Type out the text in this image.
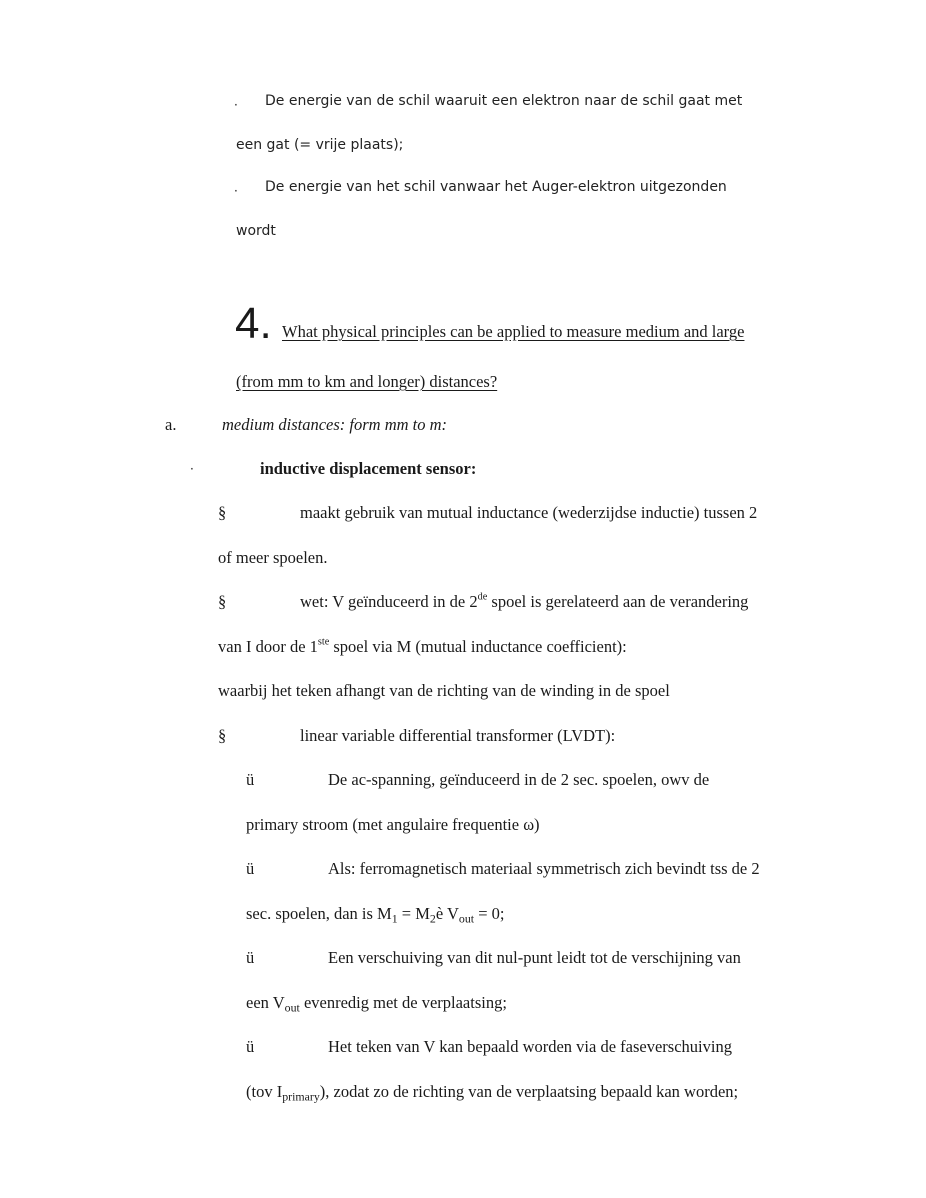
· De energie van de schil waaruit een elektron naar de schil gaat met
een gat (= vrije plaats);
· De energie van het schil vanwaar het Auger-elektron uitgezonden
wordt
4. What physical principles can be applied to measure medium and large
(from mm to km and longer) distances?
a.	medium distances: form mm to m:
·	inductive displacement sensor:
§	maakt gebruik van mutual inductance (wederzijdse inductie) tussen 2
of meer spoelen.
§	wet: V geïnduceerd in de 2de spoel is gerelateerd aan de verandering
van I door de 1ste spoel via M (mutual inductance coefficient):
waarbij het teken afhangt van de richting van de winding in de spoel
§	linear variable differential transformer (LVDT):
ü	De ac-spanning, geïnduceerd in de 2 sec. spoelen, owv de
primary stroom (met angulaire frequentie ω)
ü	Als: ferromagnetisch materiaal symmetrisch zich bevindt tss de 2
sec. spoelen, dan is $M_1$ = $M_2è$ $V_{out} = 0$;
ü	Een verschuiving van dit nul-punt leidt tot de verschijning van
een $V_{out}$ evenredig met de verplaatsing;
ü	Het teken van V kan bepaald worden via de faseverschuiving
(tov $I_{primary}$), zodat zo de richting van de verplaatsing bepaald kan worden;
